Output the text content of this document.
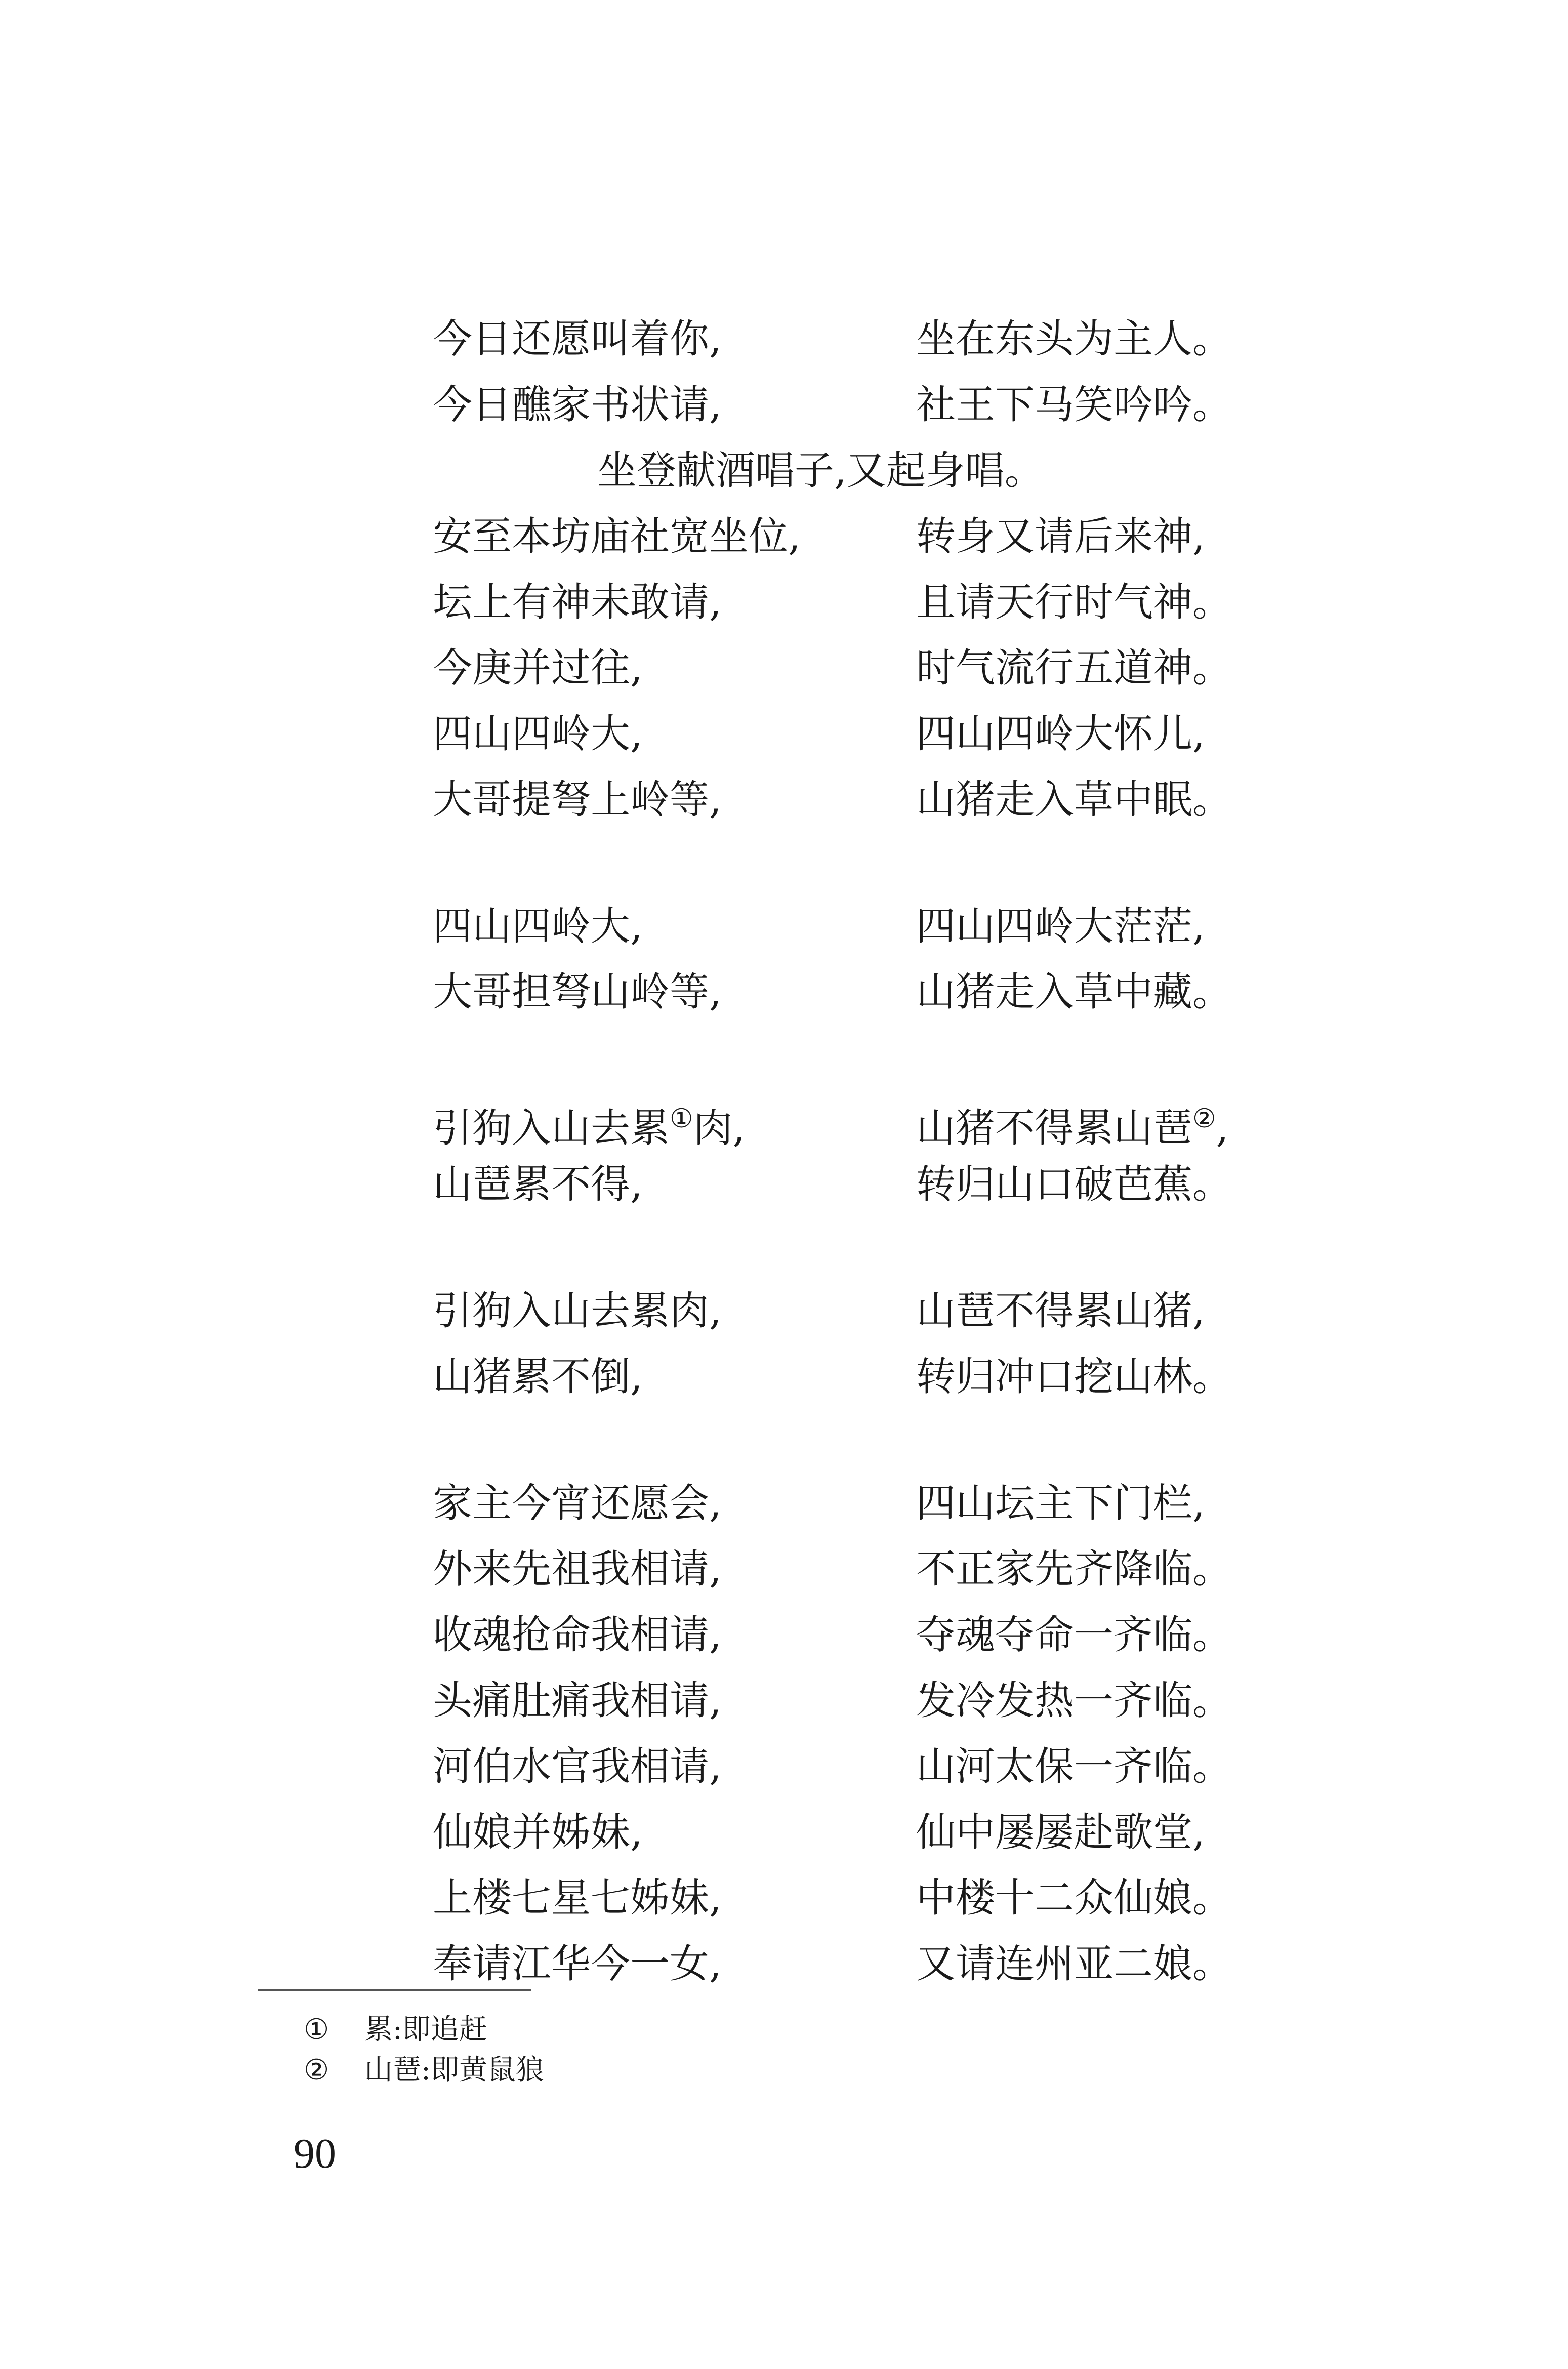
今日还愿叫着你,	坐在东头为主人。
今日醮家书状请,	社王下马笑吟吟。
坐登献酒唱子,又起身唱。
安至本坊庙社宽坐位,	转身又请后来神,
坛上有神未敢请,	且请天行时气神。
今庚并过往,	时气流行五道神。
四山四岭大,	四山四岭大怀儿,
大哥提弩上岭等,	山猪走入草中眠。
四山四岭大,	四山四岭大茫茫,
大哥担弩山岭等,	山猪走入草中藏。
引狗入山去累①肉,	山猪不得累山琶②,
山琶累不得,	转归山口破芭蕉。
引狗入山去累肉,	山琶不得累山猪,
山猪累不倒,	转归冲口挖山林。
家主今宵还愿会,	四山坛主下门栏,
外来先祖我相请,	不正家先齐降临。
收魂抢命我相请,	夺魂夺命一齐临。
头痛肚痛我相请,	发冷发热一齐临。
河伯水官我相请,	山河太保一齐临。
仙娘并姊妹,	仙中屡屡赴歌堂,
上楼七星七姊妹,	中楼十二众仙娘。
奉请江华今一女,	又请连州亚二娘。
① 累:即追赶
② 山琶:即黄鼠狼
90
